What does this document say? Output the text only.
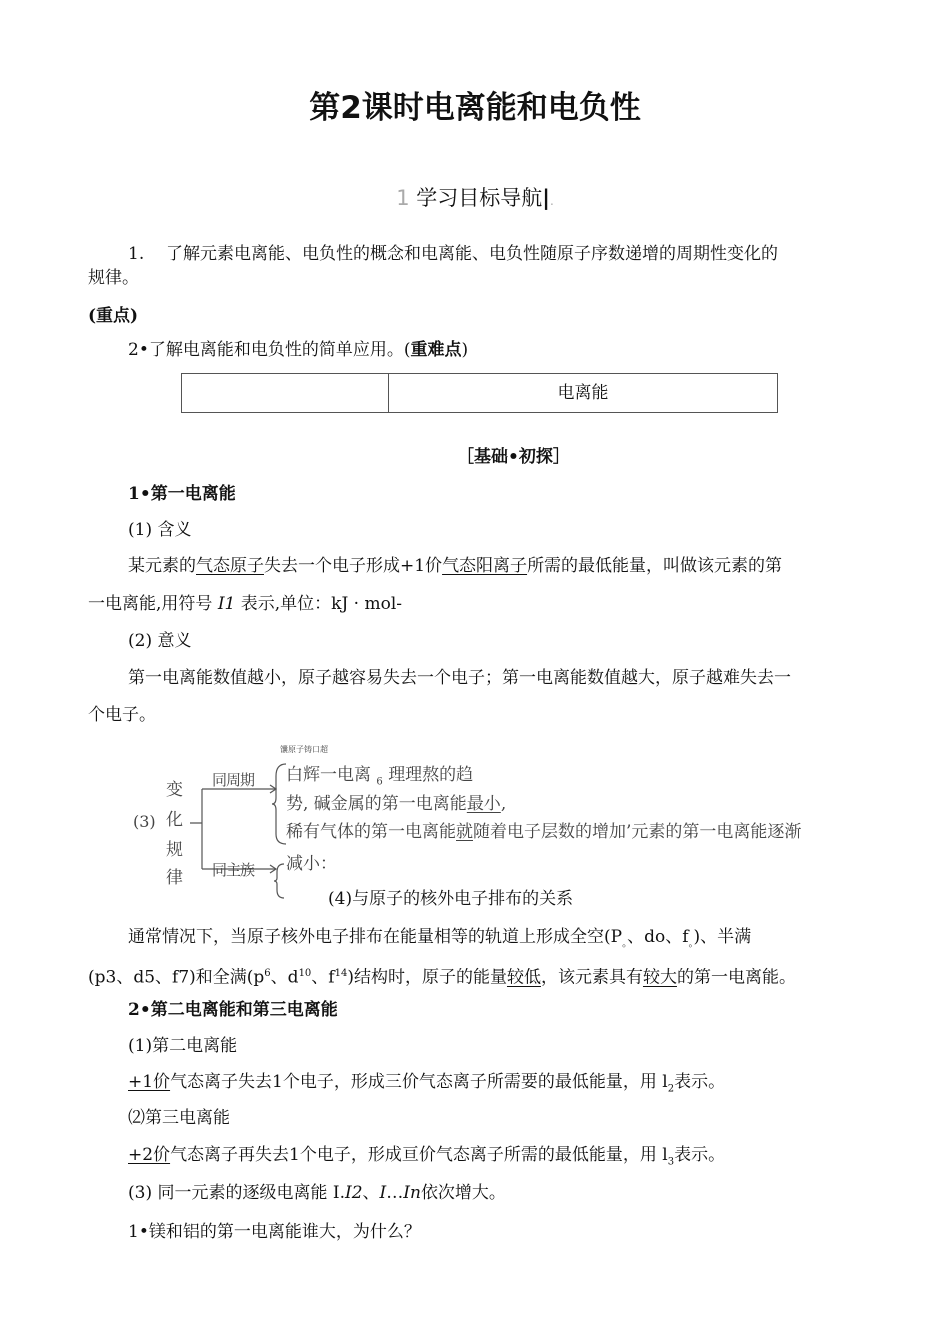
第2课时电离能和电负性
1 学习目标导航|.
1. 了解元素电离能、电负性的概念和电离能、电负性随原子序数递增的周期性变化的
规律。
(重点)
2•了解电离能和电负性的简单应用。(重难点)
电离能
［基础•初探］
1•第一电离能
(1) 含义
某元素的气态原子失去一个电子形成+1价气态阳离子所需的最低能量，叫做该元素的第
一电离能,用符号 I1 表示,单位：kJ · mol-
(2) 意义
第一电离能数值越小，原子越容易失去一个电子；第一电离能数值越大，原子越难失去一
个电子。
馕原子铸口超
(3)
变
化
规
律
同周期
同主族
白辉一电离 $_6$ 理理熬的趋
势, 碱金属的第一电离能最小,
稀有气体的第一电离能就随着电子层数的增加’元素的第一电离能逐渐
减小：
(4)与原子的核外电子排布的关系
通常情况下，当原子核外电子排布在能量相等的轨道上形成全空($P_。$、do、$f_。$)、半满
(p3、d5、f7)和全满($p^6$、$d^{10}$、$f^{14}$)结构时，原子的能量较低，该元素具有较大的第一电离能。
2•第二电离能和第三电离能
(1)第二电离能
+1价气态离子失去1个电子，形成三价气态离子所需要的最低能量，用 $l_2$表示。
⑵第三电离能
+2价气态离子再失去1个电子，形成亘价气态离子所需的最低能量，用 $l_3$表示。
(3) 同一元素的逐级电离能 I.I2、I…In依次增大。
1•镁和铝的第一电离能谁大，为什么？
